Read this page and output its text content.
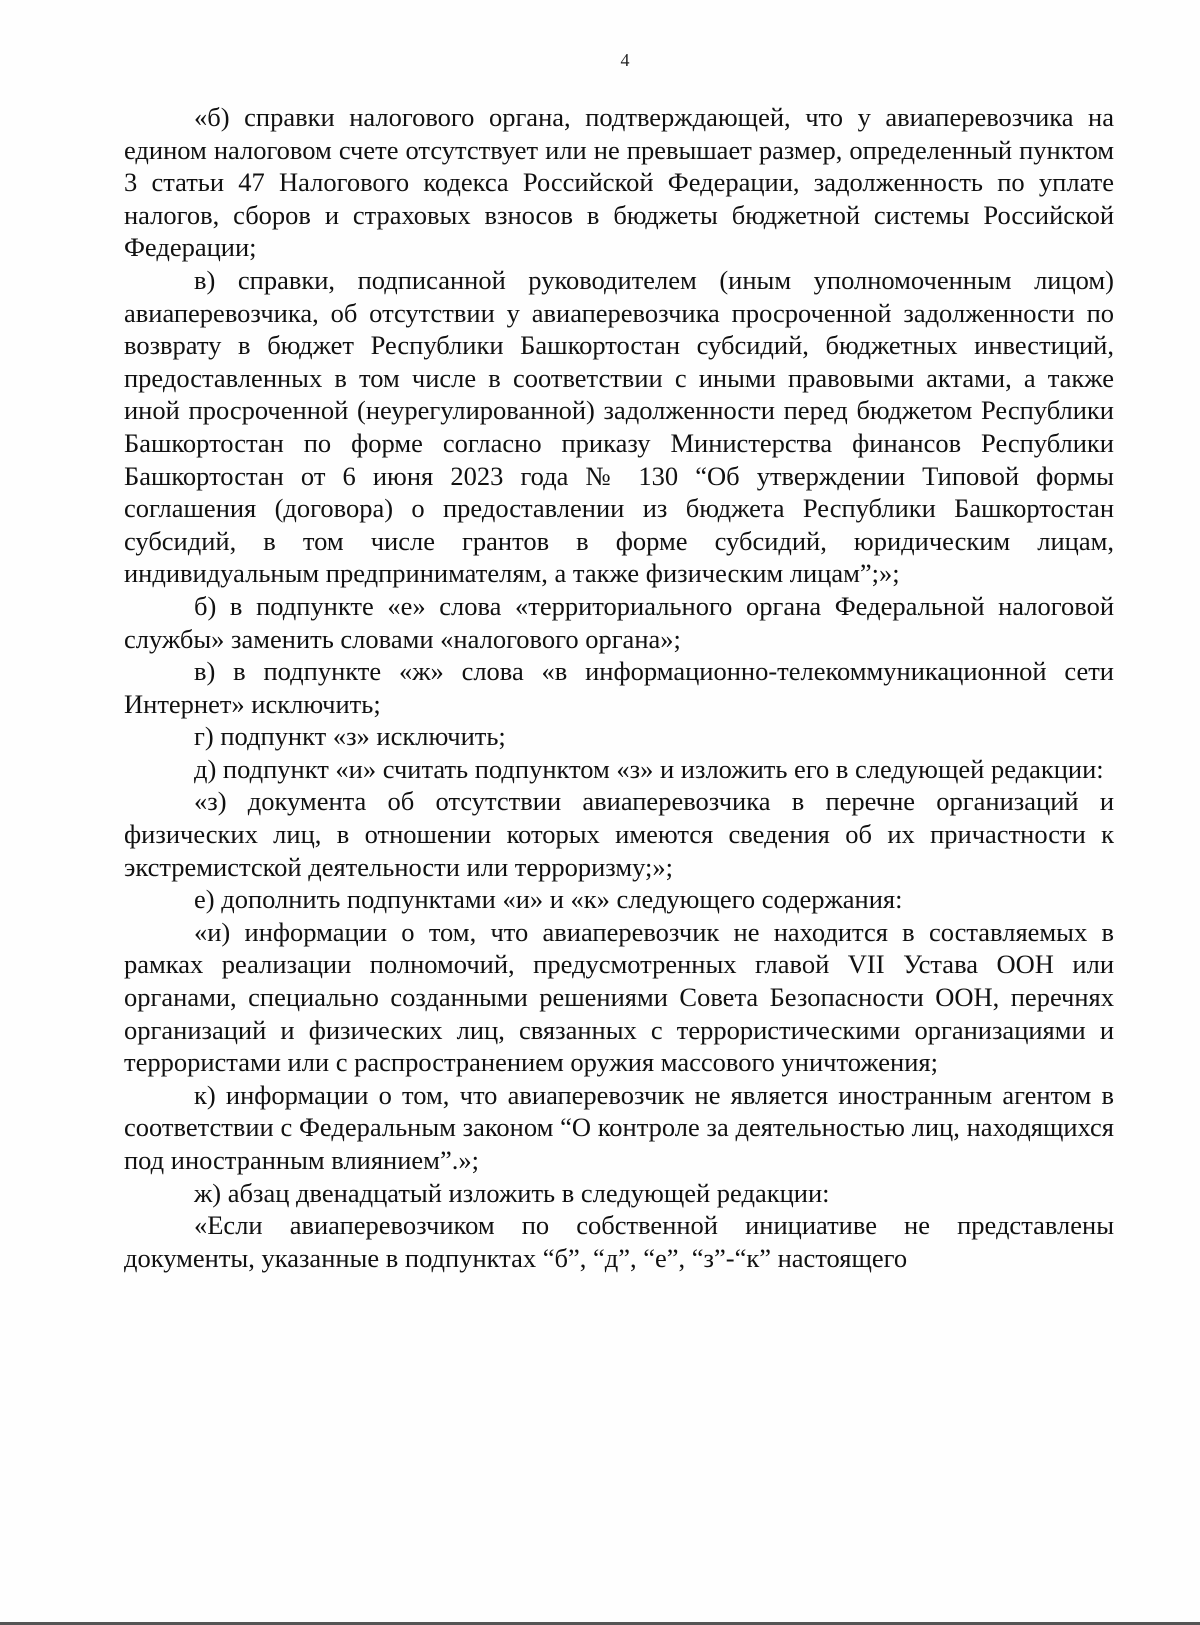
4

«б) справки налогового органа, подтверждающей, что у авиаперевозчика на едином налоговом счете отсутствует или не превышает размер, определенный пунктом 3 статьи 47 Налогового кодекса Российской Федерации, задолженность по уплате налогов, сборов и страховых взносов в бюджеты бюджетной системы Российской Федерации;

в) справки, подписанной руководителем (иным уполномоченным лицом) авиаперевозчика, об отсутствии у авиаперевозчика просроченной задолженности по возврату в бюджет Республики Башкортостан субсидий, бюджетных инвестиций, предоставленных в том числе в соответствии с иными правовыми актами, а также иной просроченной (неурегулированной) задолженности перед бюджетом Республики Башкортостан по форме согласно приказу Министерства финансов Республики Башкортостан от 6 июня 2023 года № 130 “Об утверждении Типовой формы соглашения (договора) о предоставлении из бюджета Республики Башкортостан субсидий, в том числе грантов в форме субсидий, юридическим лицам, индивидуальным предпринимателям, а также физическим лицам”;»;

б) в подпункте «е» слова «территориального органа Федеральной налоговой службы» заменить словами «налогового органа»;

в) в подпункте «ж» слова «в информационно-телекоммуникационной сети Интернет» исключить;

г) подпункт «з» исключить;

д) подпункт «и» считать подпунктом «з» и изложить его в следующей редакции:

«з) документа об отсутствии авиаперевозчика в перечне организаций и физических лиц, в отношении которых имеются сведения об их причастности к экстремистской деятельности или терроризму;»;

е) дополнить подпунктами «и» и «к» следующего содержания:

«и) информации о том, что авиаперевозчик не находится в составляемых в рамках реализации полномочий, предусмотренных главой VII Устава ООН или органами, специально созданными решениями Совета Безопасности ООН, перечнях организаций и физических лиц, связанных с террористическими организациями и террористами или с распространением оружия массового уничтожения;

к) информации о том, что авиаперевозчик не является иностранным агентом в соответствии с Федеральным законом “О контроле за деятельностью лиц, находящихся под иностранным влиянием”.»;

ж) абзац двенадцатый изложить в следующей редакции:

«Если авиаперевозчиком по собственной инициативе не представлены документы, указанные в подпунктах “б”, “д”, “е”, “з”-“к” настоящего
